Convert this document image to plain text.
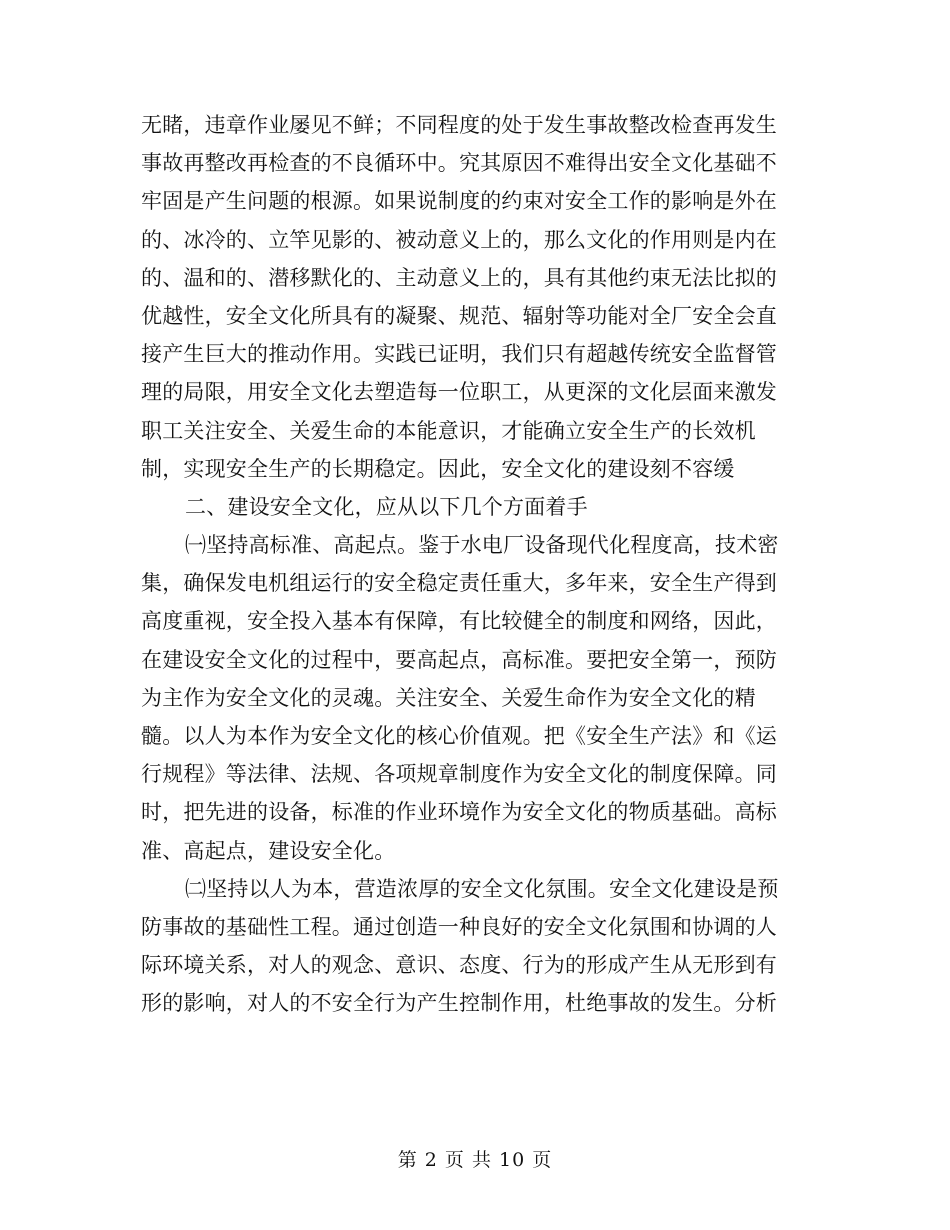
无睹，违章作业屡见不鲜；不同程度的处于发生事故整改检查再发生
事故再整改再检查的不良循环中。究其原因不难得出安全文化基础不
牢固是产生问题的根源。如果说制度的约束对安全工作的影响是外在
的、冰冷的、立竿见影的、被动意义上的，那么文化的作用则是内在
的、温和的、潜移默化的、主动意义上的，具有其他约束无法比拟的
优越性，安全文化所具有的凝聚、规范、辐射等功能对全厂安全会直
接产生巨大的推动作用。实践已证明，我们只有超越传统安全监督管
理的局限，用安全文化去塑造每一位职工，从更深的文化层面来激发
职工关注安全、关爱生命的本能意识，才能确立安全生产的长效机
制，实现安全生产的长期稳定。因此，安全文化的建设刻不容缓
二、建设安全文化，应从以下几个方面着手
㈠坚持高标准、高起点。鉴于水电厂设备现代化程度高，技术密
集，确保发电机组运行的安全稳定责任重大，多年来，安全生产得到
高度重视，安全投入基本有保障，有比较健全的制度和网络，因此，
在建设安全文化的过程中，要高起点，高标准。要把安全第一，预防
为主作为安全文化的灵魂。关注安全、关爱生命作为安全文化的精
髓。以人为本作为安全文化的核心价值观。把《安全生产法》和《运
行规程》等法律、法规、各项规章制度作为安全文化的制度保障。同
时，把先进的设备，标准的作业环境作为安全文化的物质基础。高标
准、高起点，建设安全化。
㈡坚持以人为本，营造浓厚的安全文化氛围。安全文化建设是预
防事故的基础性工程。通过创造一种良好的安全文化氛围和协调的人
际环境关系，对人的观念、意识、态度、行为的形成产生从无形到有
形的影响，对人的不安全行为产生控制作用，杜绝事故的发生。分析
第 2 页 共 10 页
